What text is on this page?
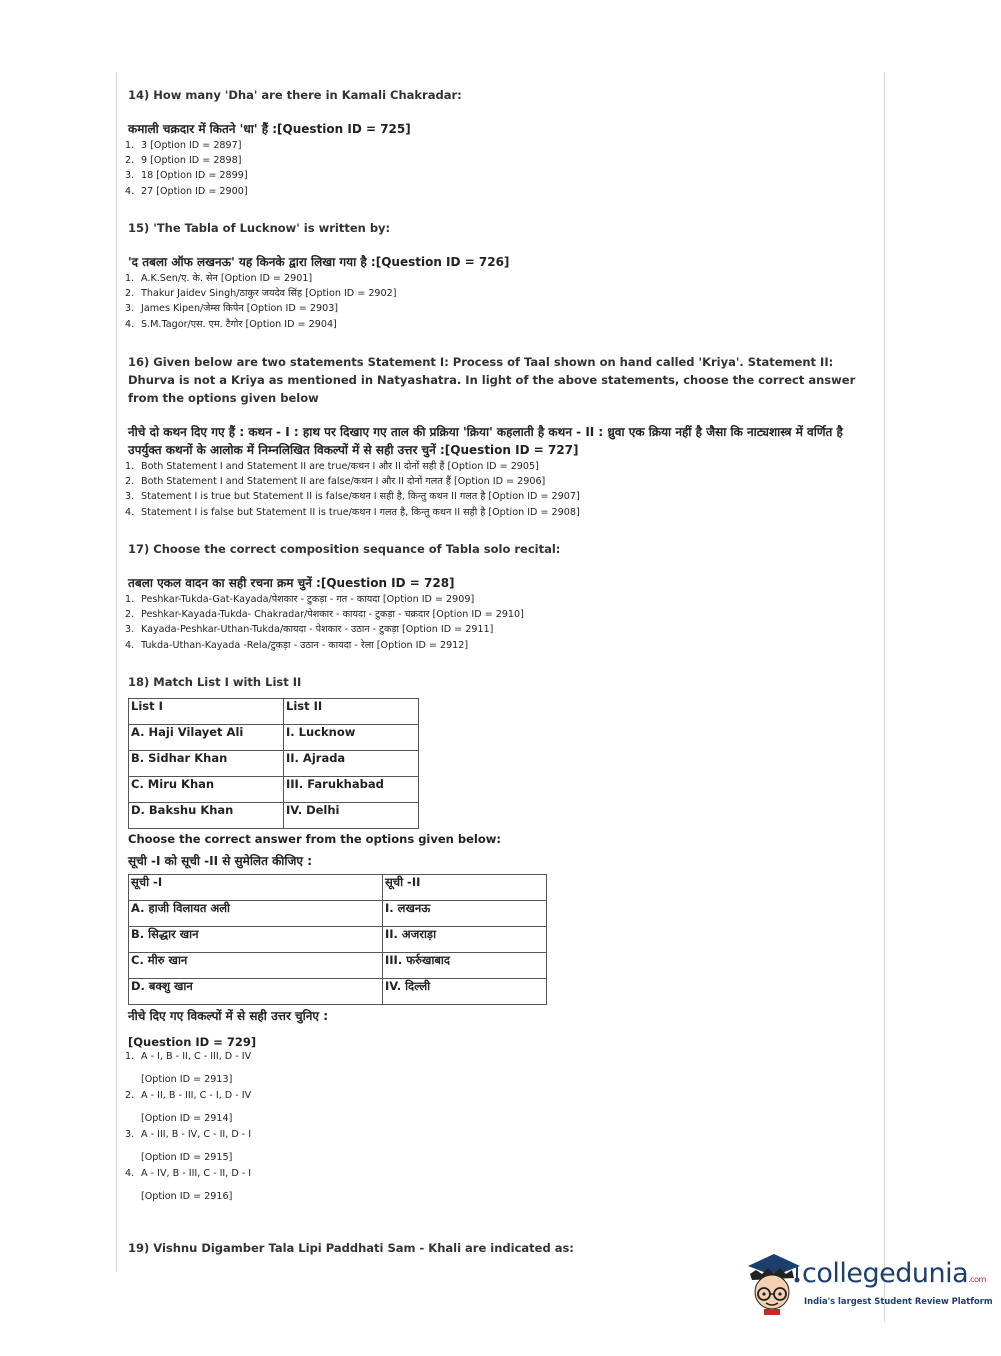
14) How many 'Dha' are there in Kamali Chakradar:
कमाली चक्रदार में कितने 'धा' हैं :[Question ID = 725]
1. 3 [Option ID = 2897]
2. 9 [Option ID = 2898]
3. 18 [Option ID = 2899]
4. 27 [Option ID = 2900]
15) 'The Tabla of Lucknow' is written by:
'द तबला ऑफ लखनऊ' यह किनके द्वारा लिखा गया है :[Question ID = 726]
1. A.K.Sen/ए. के. सेन [Option ID = 2901]
2. Thakur Jaidev Singh/ठाकुर जयदेव सिंह [Option ID = 2902]
3. James Kipen/जेम्स किपेन [Option ID = 2903]
4. S.M.Tagor/एस. एम. टैगोर [Option ID = 2904]
16) Given below are two statements Statement I: Process of Taal shown on hand called 'Kriya'. Statement II: Dhurva is not a Kriya as mentioned in Natyashatra. In light of the above statements, choose the correct answer from the options given below
नीचे दो कथन दिए गए हैं : कथन - I : हाथ पर दिखाए गए ताल की प्रक्रिया 'क्रिया' कहलाती है कथन - II : ध्रुवा एक क्रिया नहीं है जैसा कि नाट्यशास्त्र में वर्णित है उपर्युक्त कथनों के आलोक में निम्नलिखित विकल्पों में से सही उत्तर चुनें :[Question ID = 727]
1. Both Statement I and Statement II are true/कथन I और II दोनों सही हैं [Option ID = 2905]
2. Both Statement I and Statement II are false/कथन I और II दोनों गलत हैं [Option ID = 2906]
3. Statement I is true but Statement II is false/कथन I सही है, किन्तु कथन II गलत है [Option ID = 2907]
4. Statement I is false but Statement II is true/कथन I गलत है, किन्तु कथन II सही है [Option ID = 2908]
17) Choose the correct composition sequance of Tabla solo recital:
तबला एकल वादन का सही रचना क्रम चुनें :[Question ID = 728]
1. Peshkar-Tukda-Gat-Kayada/पेशकार - टुकड़ा - गत - कायदा [Option ID = 2909]
2. Peshkar-Kayada-Tukda- Chakradar/पेशकार - कायदा - टुकड़ा - चक्रदार [Option ID = 2910]
3. Kayada-Peshkar-Uthan-Tukda/कायदा - पेशकार - उठान - टुकड़ा [Option ID = 2911]
4. Tukda-Uthan-Kayada -Rela/टुकड़ा - उठान - कायदा - रेला [Option ID = 2912]
18) Match List I with List II
List I	List II
A. Haji Vilayet Ali	I. Lucknow
B. Sidhar Khan	II. Ajrada
C. Miru Khan	III. Farukhabad
D. Bakshu Khan	IV. Delhi
Choose the correct answer from the options given below:
सूची -I को सूची -II से सुमेलित कीजिए :
सूची -I	सूची -II
A. हाजी विलायत अली	I. लखनऊ
B. सिद्धार खान	II. अजराड़ा
C. मीरु खान	III. फर्रुखाबाद
D. बक्शु खान	IV. दिल्ली
नीचे दिए गए विकल्पों में से सही उत्तर चुनिए :
[Question ID = 729]
1. A - I, B - II, C - III, D - IV
[Option ID = 2913]
2. A - II, B - III, C - I, D - IV
[Option ID = 2914]
3. A - III, B - IV, C - II, D - I
[Option ID = 2915]
4. A - IV, B - III, C - II, D - I
[Option ID = 2916]
19) Vishnu Digamber Tala Lipi Paddhati Sam - Khali are indicated as:
collegedunia.com
India's largest Student Review Platform
